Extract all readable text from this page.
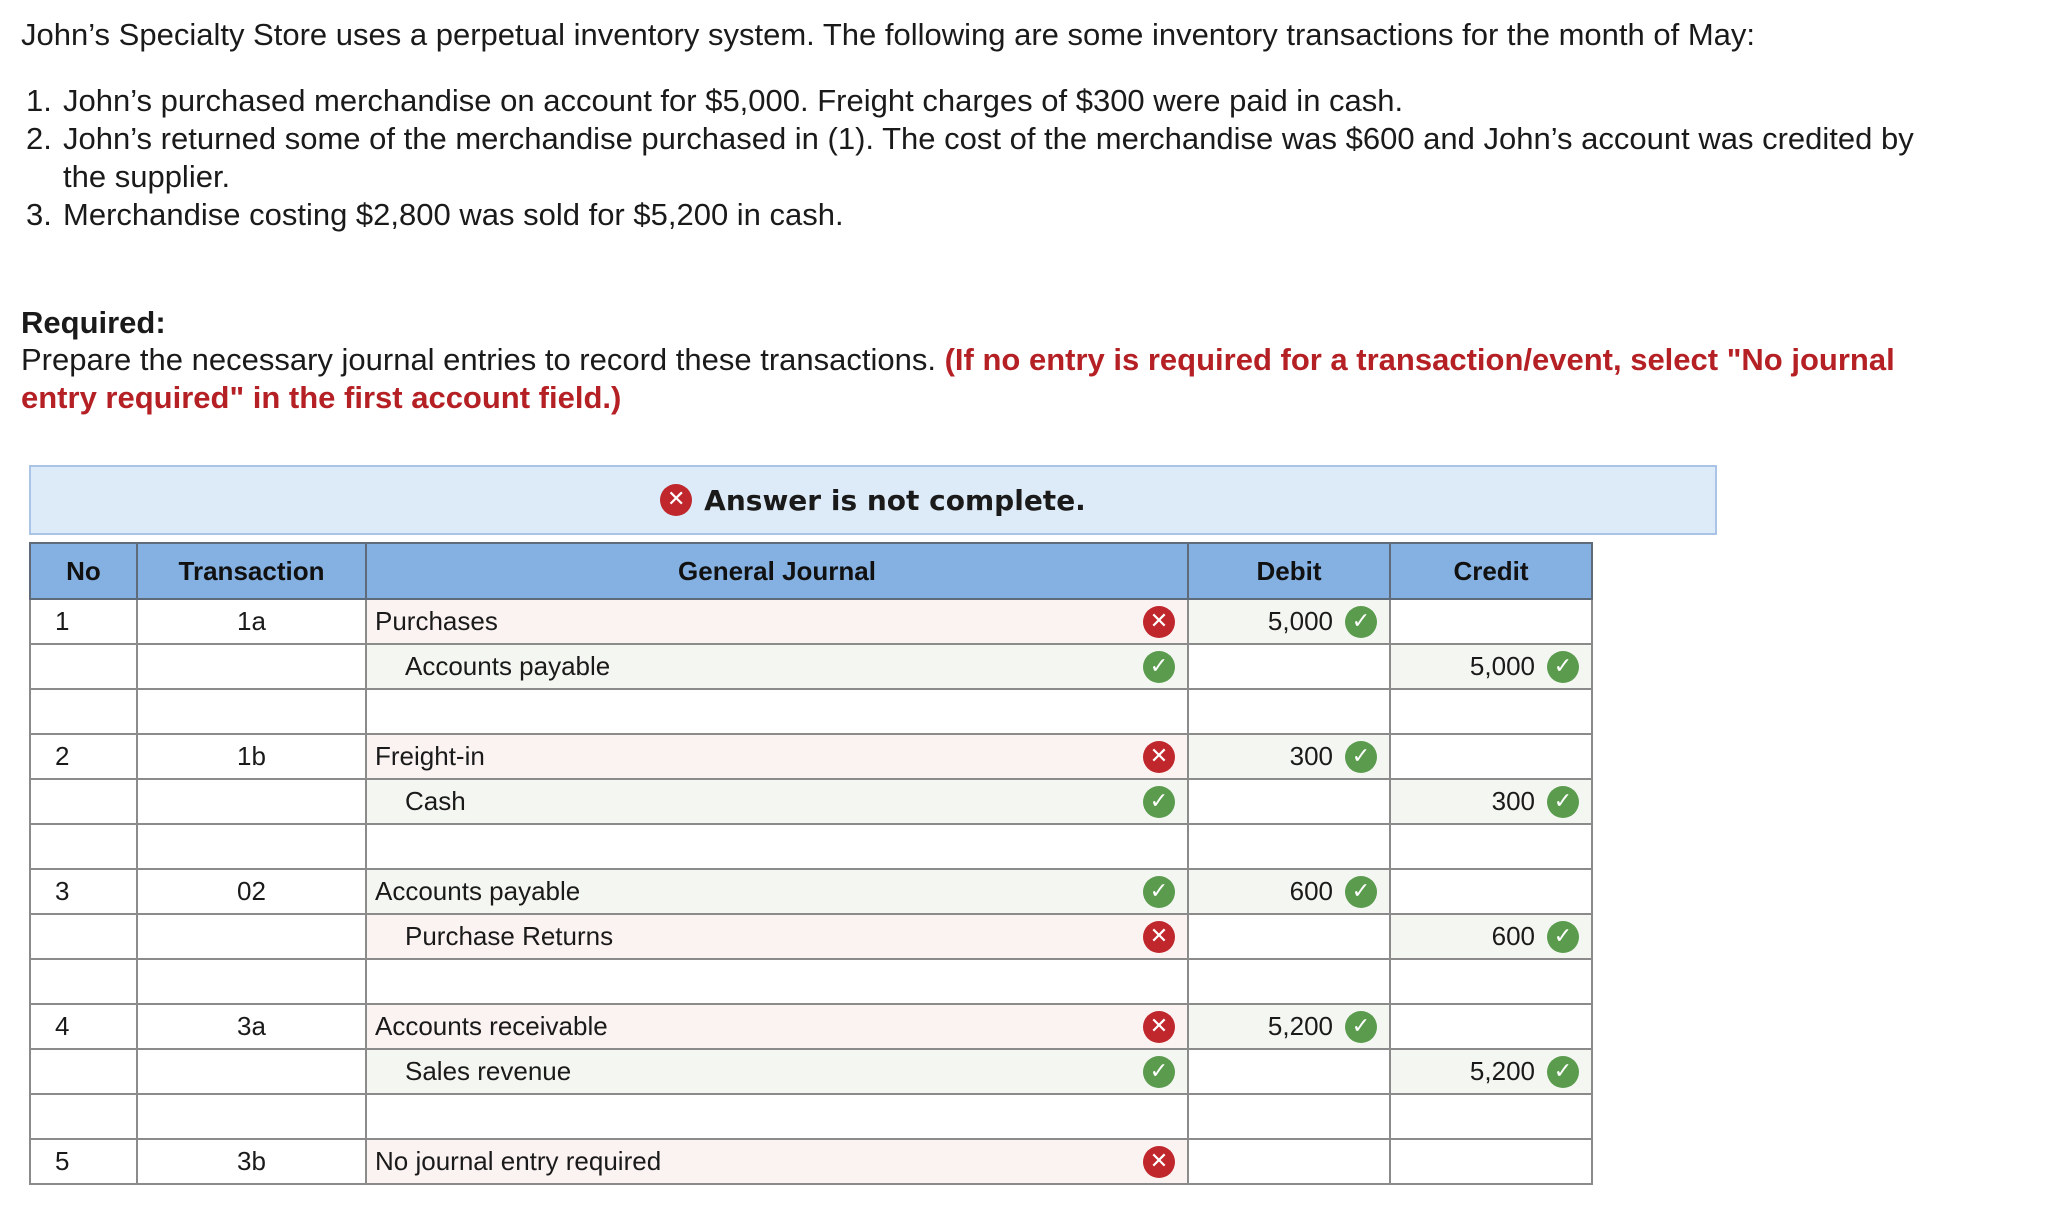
John’s Specialty Store uses a perpetual inventory system. The following are some inventory transactions for the month of May:

1. John’s purchased merchandise on account for $5,000. Freight charges of $300 were paid in cash.
2. John’s returned some of the merchandise purchased in (1). The cost of the merchandise was $600 and John’s account was credited by the supplier.
3. Merchandise costing $2,800 was sold for $5,200 in cash.

Required:

Prepare the necessary journal entries to record these transactions. (If no entry is required for a transaction/event, select "No journal entry required" in the first account field.)

✕ Answer is not complete.
No	Transaction	General Journal	Debit	Credit
1	1a	Purchases ✕	5,000 ✓	

		Accounts payable ✓		5,000 ✓

2	1b	Freight-in ✕	300 ✓	

		Cash ✓		300 ✓

3	02	Accounts payable ✓	600 ✓	

		Purchase Returns ✕		600 ✓

4	3a	Accounts receivable ✕	5,200 ✓	

		Sales revenue ✓		5,200 ✓

5	3b	No journal entry required ✕		
